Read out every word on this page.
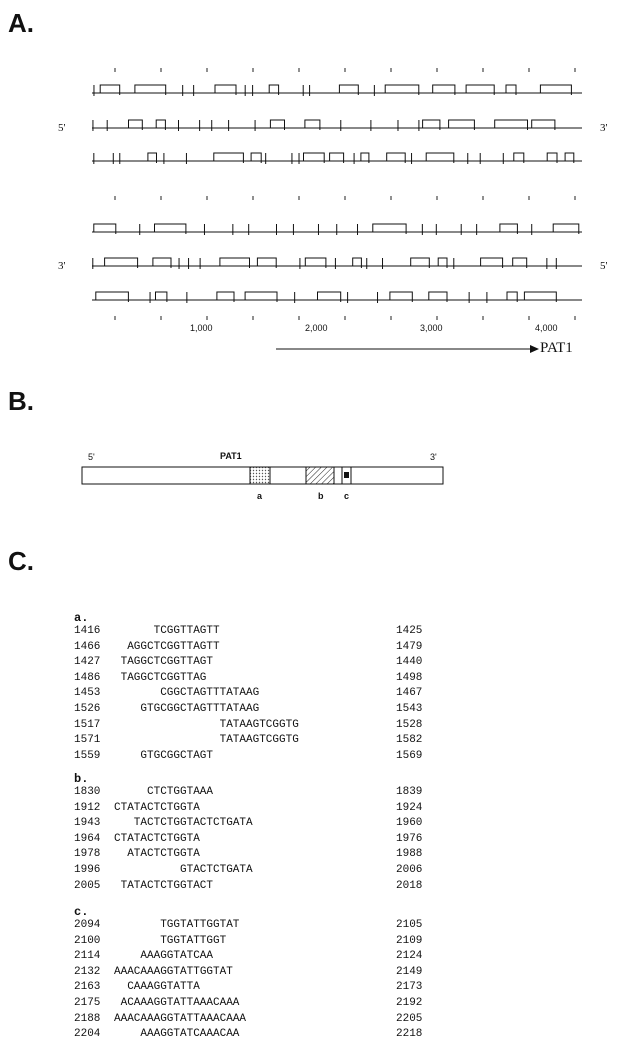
A.
B.
C.
5'	3'
3'	5'
1,000	2,000	3,000	4,000
PAT1
5'	3'
PAT1
a	b c
a.
1416	TCGGTTAGTT	1425
1466 AGGCTCGGTTAGTT	1479
1427 TAGGCTCGGTTAGT	1440
1486 TAGGCTCGGTTAG	1498
1453	CGGCTAGTTTATAAG	1467
1526	GTGCGGCTAGTTTATAAG	1543
1517	TATAAGTCGGTG	1528
1571	TATAAGTCGGTG	1582
1559	GTGCGGCTAGT	1569
b.
1830	CTCTGGTAAA	1839
1912 CTATACTCTGGTA	1924
1943	TACTCTGGTACTCTGATA	1960
1964 CTATACTCTGGTA	1976
1978 ATACTCTGGTA	1988
1996	GTACTCTGATA	2006
2005 TATACTCTGGTACT	2018
c.
2094	TGGTATTGGTAT	2105
2100	TGGTATTGGT	2109
2114	AAAGGTATCAA	2124
2132 AAACAAAGGTATTGGTAT	2149
2163 CAAAGGTATTA	2173
2175 ACAAAGGTATTAAACAAA	2192
2188 AAACAAAGGTATTAAACAAA	2205
2204	AAAGGTATCAAACAA	2218
